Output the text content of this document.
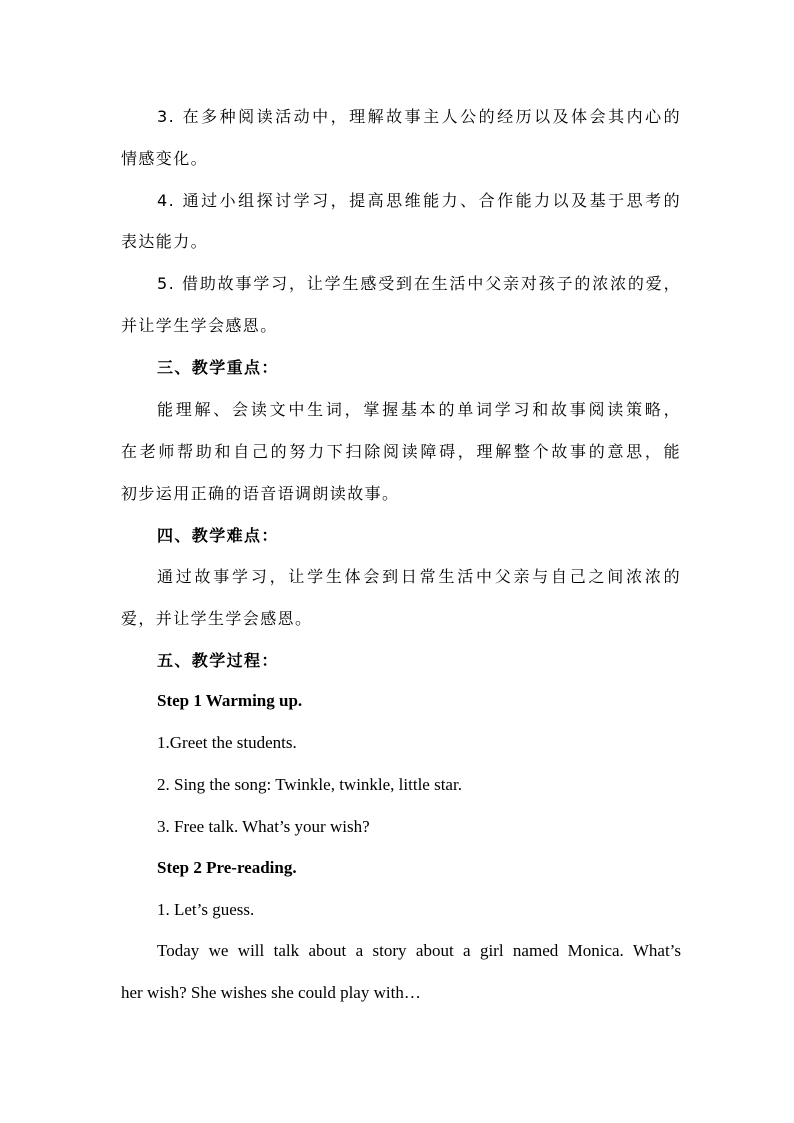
3. 在多种阅读活动中，理解故事主人公的经历以及体会其内心的
情感变化。
4. 通过小组探讨学习，提高思维能力、合作能力以及基于思考的
表达能力。
5. 借助故事学习，让学生感受到在生活中父亲对孩子的浓浓的爱，
并让学生学会感恩。
三、教学重点：
能理解、会读文中生词，掌握基本的单词学习和故事阅读策略，
在老师帮助和自己的努力下扫除阅读障碍，理解整个故事的意思，能
初步运用正确的语音语调朗读故事。
四、教学难点：
通过故事学习，让学生体会到日常生活中父亲与自己之间浓浓的
爱，并让学生学会感恩。
五、教学过程：
Step 1 Warming up.
1.Greet the students.
2. Sing the song: Twinkle, twinkle, little star.
3. Free talk. What’s your wish?
Step 2 Pre-reading.
1. Let’s guess.
Today we will talk about a story about a girl named Monica. What’s
her wish? She wishes she could play with…
